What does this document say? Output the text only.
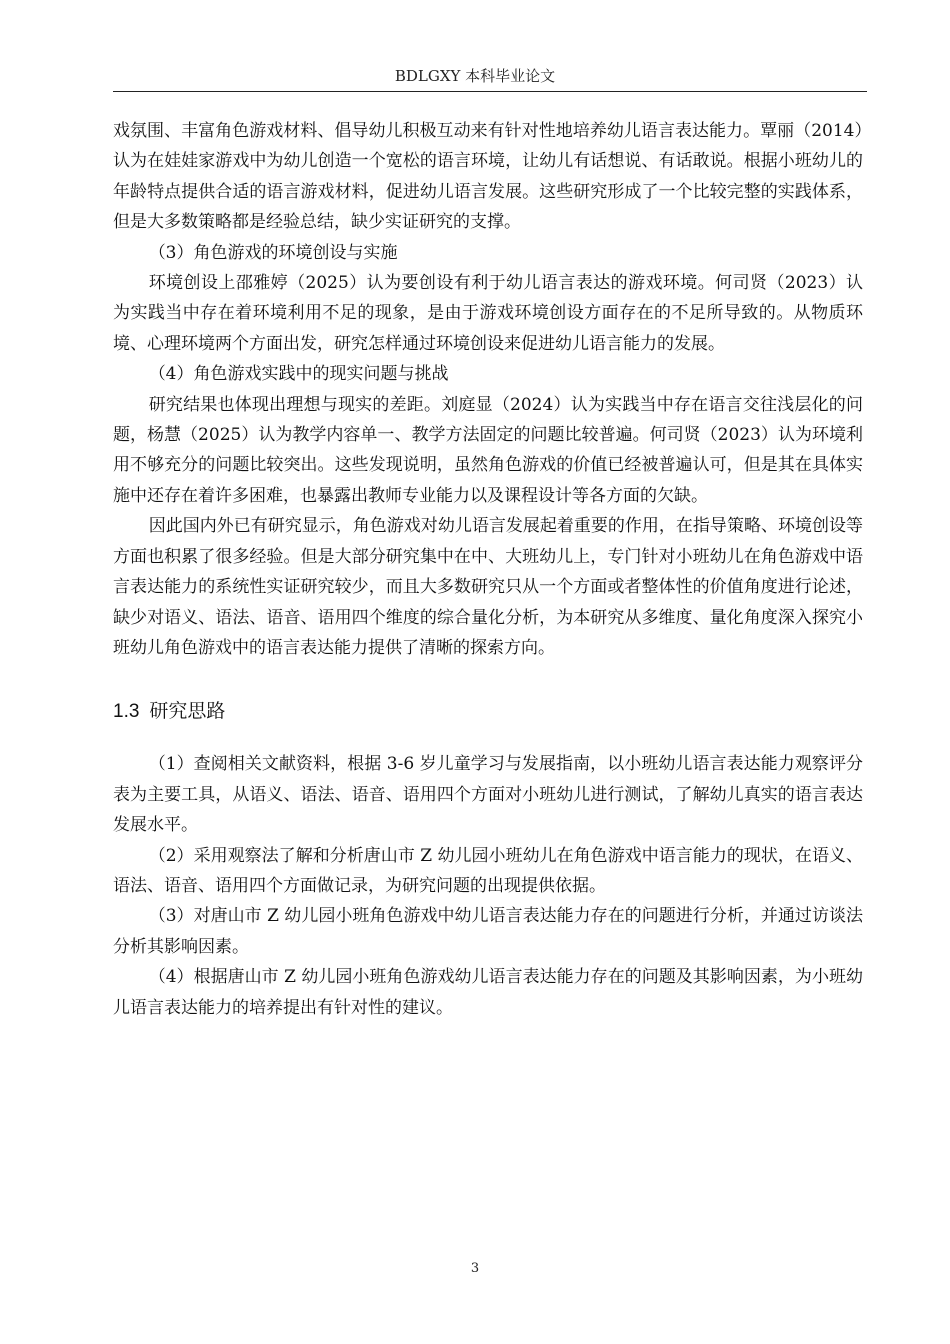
BDLGXY 本科毕业论文

戏氛围、丰富角色游戏材料、倡导幼儿积极互动来有针对性地培养幼儿语言表达能力。覃丽（2014）认为在娃娃家游戏中为幼儿创造一个宽松的语言环境，让幼儿有话想说、有话敢说。根据小班幼儿的年龄特点提供合适的语言游戏材料，促进幼儿语言发展。这些研究形成了一个比较完整的实践体系，但是大多数策略都是经验总结，缺少实证研究的支撑。

（3）角色游戏的环境创设与实施

环境创设上邵雅婷（2025）认为要创设有利于幼儿语言表达的游戏环境。何司贤（2023）认为实践当中存在着环境利用不足的现象，是由于游戏环境创设方面存在的不足所导致的。从物质环境、心理环境两个方面出发，研究怎样通过环境创设来促进幼儿语言能力的发展。

（4）角色游戏实践中的现实问题与挑战

研究结果也体现出理想与现实的差距。刘庭显（2024）认为实践当中存在语言交往浅层化的问题，杨慧（2025）认为教学内容单一、教学方法固定的问题比较普遍。何司贤（2023）认为环境利用不够充分的问题比较突出。这些发现说明，虽然角色游戏的价值已经被普遍认可，但是其在具体实施中还存在着许多困难，也暴露出教师专业能力以及课程设计等各方面的欠缺。

因此国内外已有研究显示，角色游戏对幼儿语言发展起着重要的作用，在指导策略、环境创设等方面也积累了很多经验。但是大部分研究集中在中、大班幼儿上，专门针对小班幼儿在角色游戏中语言表达能力的系统性实证研究较少，而且大多数研究只从一个方面或者整体性的价值角度进行论述，缺少对语义、语法、语音、语用四个维度的综合量化分析，为本研究从多维度、量化角度深入探究小班幼儿角色游戏中的语言表达能力提供了清晰的探索方向。

1.3 研究思路

（1）查阅相关文献资料，根据 3-6 岁儿童学习与发展指南，以小班幼儿语言表达能力观察评分表为主要工具，从语义、语法、语音、语用四个方面对小班幼儿进行测试，了解幼儿真实的语言表达发展水平。

（2）采用观察法了解和分析唐山市 Z 幼儿园小班幼儿在角色游戏中语言能力的现状，在语义、语法、语音、语用四个方面做记录，为研究问题的出现提供依据。

（3）对唐山市 Z 幼儿园小班角色游戏中幼儿语言表达能力存在的问题进行分析，并通过访谈法分析其影响因素。

（4）根据唐山市 Z 幼儿园小班角色游戏幼儿语言表达能力存在的问题及其影响因素，为小班幼儿语言表达能力的培养提出有针对性的建议。

3
